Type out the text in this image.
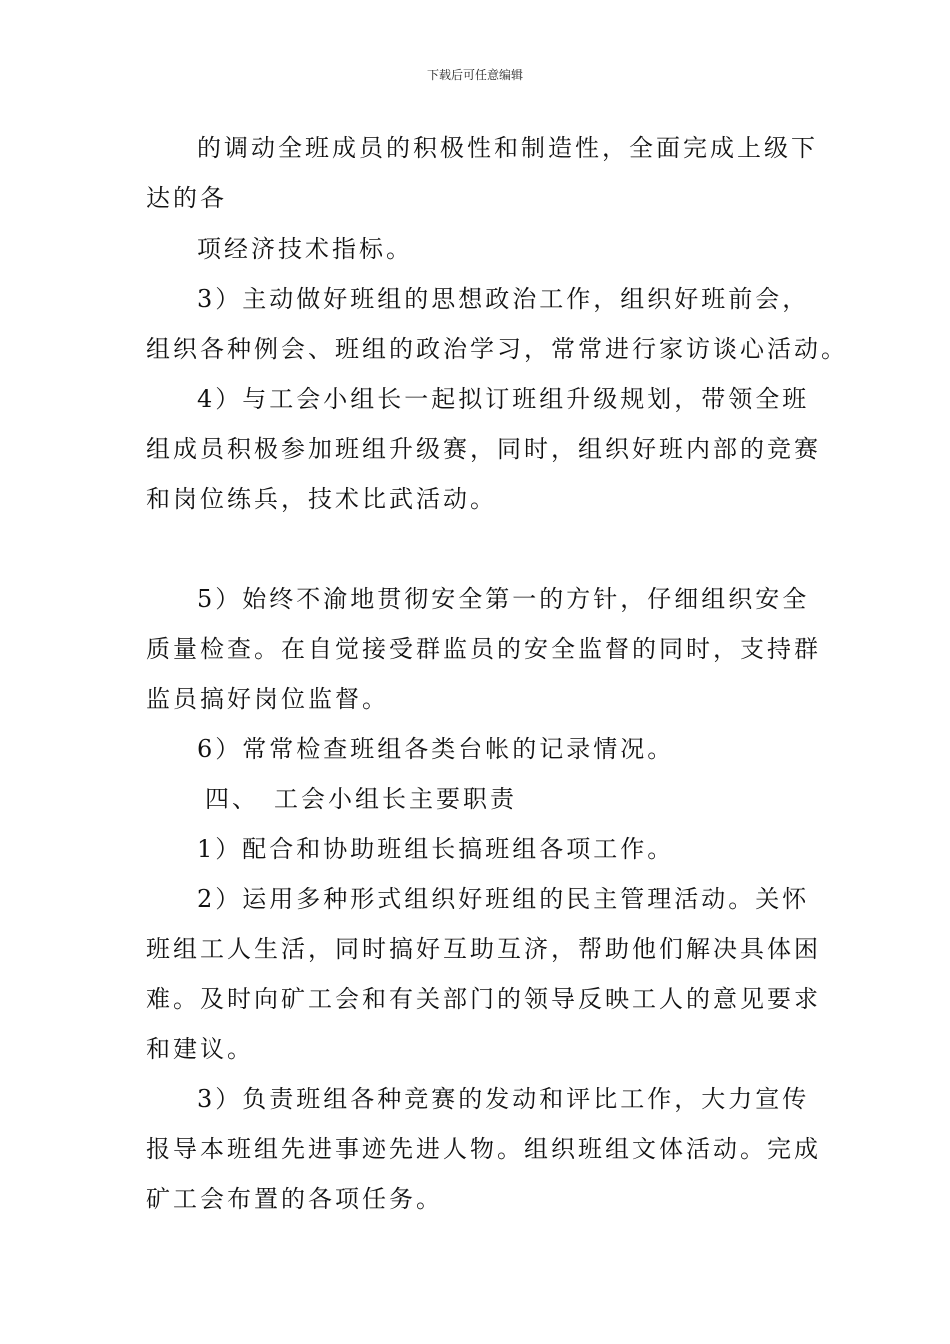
下载后可任意编辑
的调动全班成员的积极性和制造性，全面完成上级下
达的各
项经济技术指标。
3）主动做好班组的思想政治工作，组织好班前会，
组织各种例会、班组的政治学习，常常进行家访谈心活动。
4）与工会小组长一起拟订班组升级规划，带领全班
组成员积极参加班组升级赛，同时，组织好班内部的竞赛
和岗位练兵，技术比武活动。
5）始终不渝地贯彻安全第一的方针，仔细组织安全
质量检查。在自觉接受群监员的安全监督的同时，支持群
监员搞好岗位监督。
6）常常检查班组各类台帐的记录情况。
四、　工会小组长主要职责
1）配合和协助班组长搞班组各项工作。
2）运用多种形式组织好班组的民主管理活动。关怀
班组工人生活，同时搞好互助互济，帮助他们解决具体困
难。及时向矿工会和有关部门的领导反映工人的意见要求
和建议。
3）负责班组各种竞赛的发动和评比工作，大力宣传
报导本班组先进事迹先进人物。组织班组文体活动。完成
矿工会布置的各项任务。
